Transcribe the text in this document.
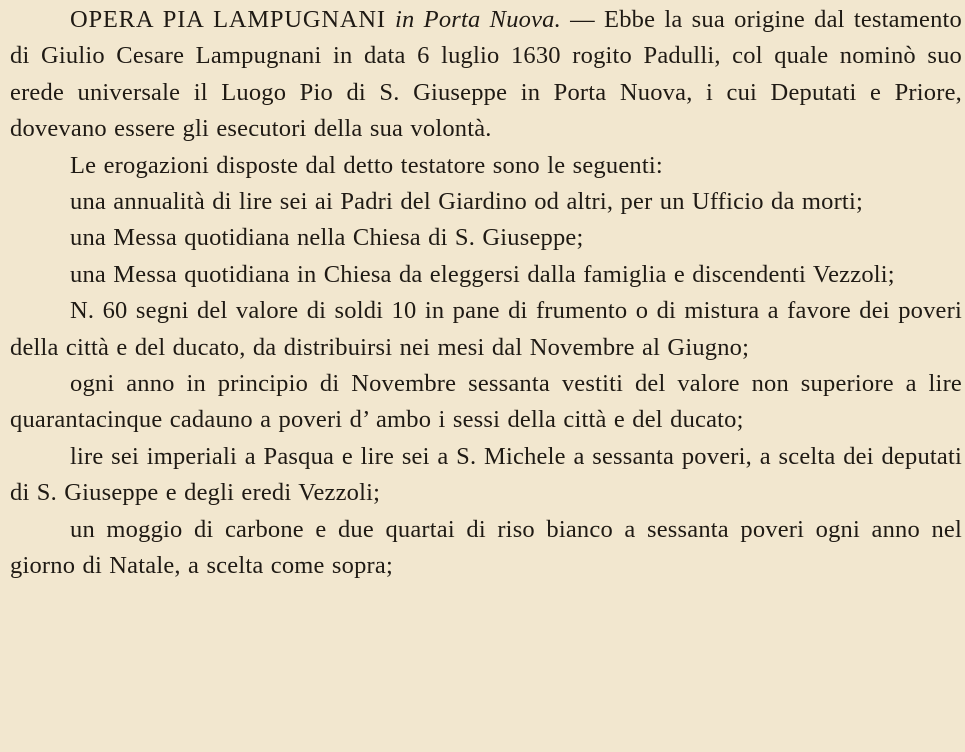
OPERA PIA LAMPUGNANI in Porta Nuova. — Ebbe la sua origine dal testamento di Giulio Cesare Lampugnani in data 6 luglio 1630 rogito Padulli, col quale nominò suo erede universale il Luogo Pio di S. Giuseppe in Porta Nuova, i cui Deputati e Priore, dovevano essere gli esecutori della sua volontà.

Le erogazioni disposte dal detto testatore sono le seguenti:

una annualità di lire sei ai Padri del Giardino od altri, per un Ufficio da morti;

una Messa quotidiana nella Chiesa di S. Giuseppe;

una Messa quotidiana in Chiesa da eleggersi dalla famiglia e discendenti Vezzoli;

N. 60 segni del valore di soldi 10 in pane di frumento o di mistura a favore dei poveri della città e del ducato, da distribuirsi nei mesi dal Novembre al Giugno;

ogni anno in principio di Novembre sessanta vestiti del valore non superiore a lire quarantacinque cadauno a poveri d’ ambo i sessi della città e del ducato;

lire sei imperiali a Pasqua e lire sei a S. Michele a sessanta poveri, a scelta dei deputati di S. Giuseppe e degli eredi Vezzoli;

un moggio di carbone e due quartai di riso bianco a sessanta poveri ogni anno nel giorno di Natale, a scelta come sopra;
